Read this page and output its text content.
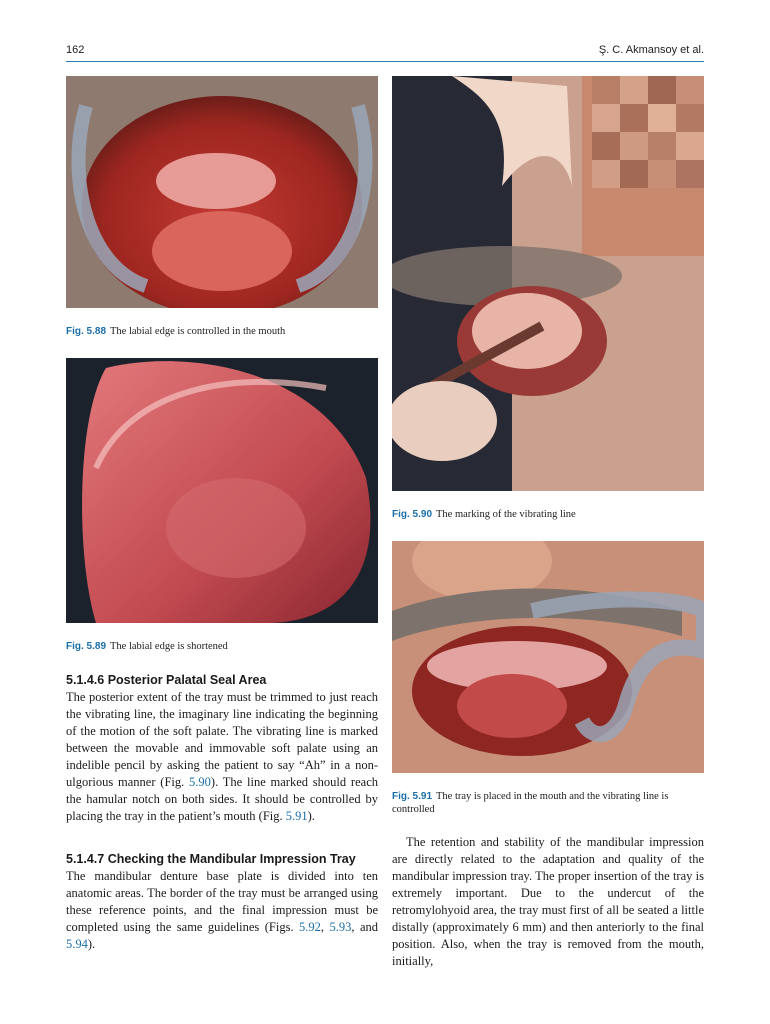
162	Ş. C. Akmansoy et al.
Fig. 5.88 The labial edge is controlled in the mouth
Fig. 5.89 The labial edge is shortened
Fig. 5.90 The marking of the vibrating line
Fig. 5.91 The tray is placed in the mouth and the vibrating line is controlled
5.1.4.6 Posterior Palatal Seal Area

The posterior extent of the tray must be trimmed to just reach the vibrating line, the imaginary line indicating the beginning of the motion of the soft palate. The vibrating line is marked between the movable and immovable soft palate using an indelible pencil by asking the patient to say “Ah” in a non-ulgorious manner (Fig. 5.90). The line marked should reach the hamular notch on both sides. It should be controlled by placing the tray in the patient’s mouth (Fig. 5.91).

5.1.4.7 Checking the Mandibular Impression Tray

The mandibular denture base plate is divided into ten anatomic areas. The border of the tray must be arranged using these reference points, and the final impression must be completed using the same guidelines (Figs. 5.92, 5.93, and 5.94).

The retention and stability of the mandibular impression are directly related to the adaptation and quality of the mandibular impression tray. The proper insertion of the tray is extremely important. Due to the undercut of the retromylohyoid area, the tray must first of all be seated a little distally (approximately 6 mm) and then anteriorly to the final position. Also, when the tray is removed from the mouth, initially,
